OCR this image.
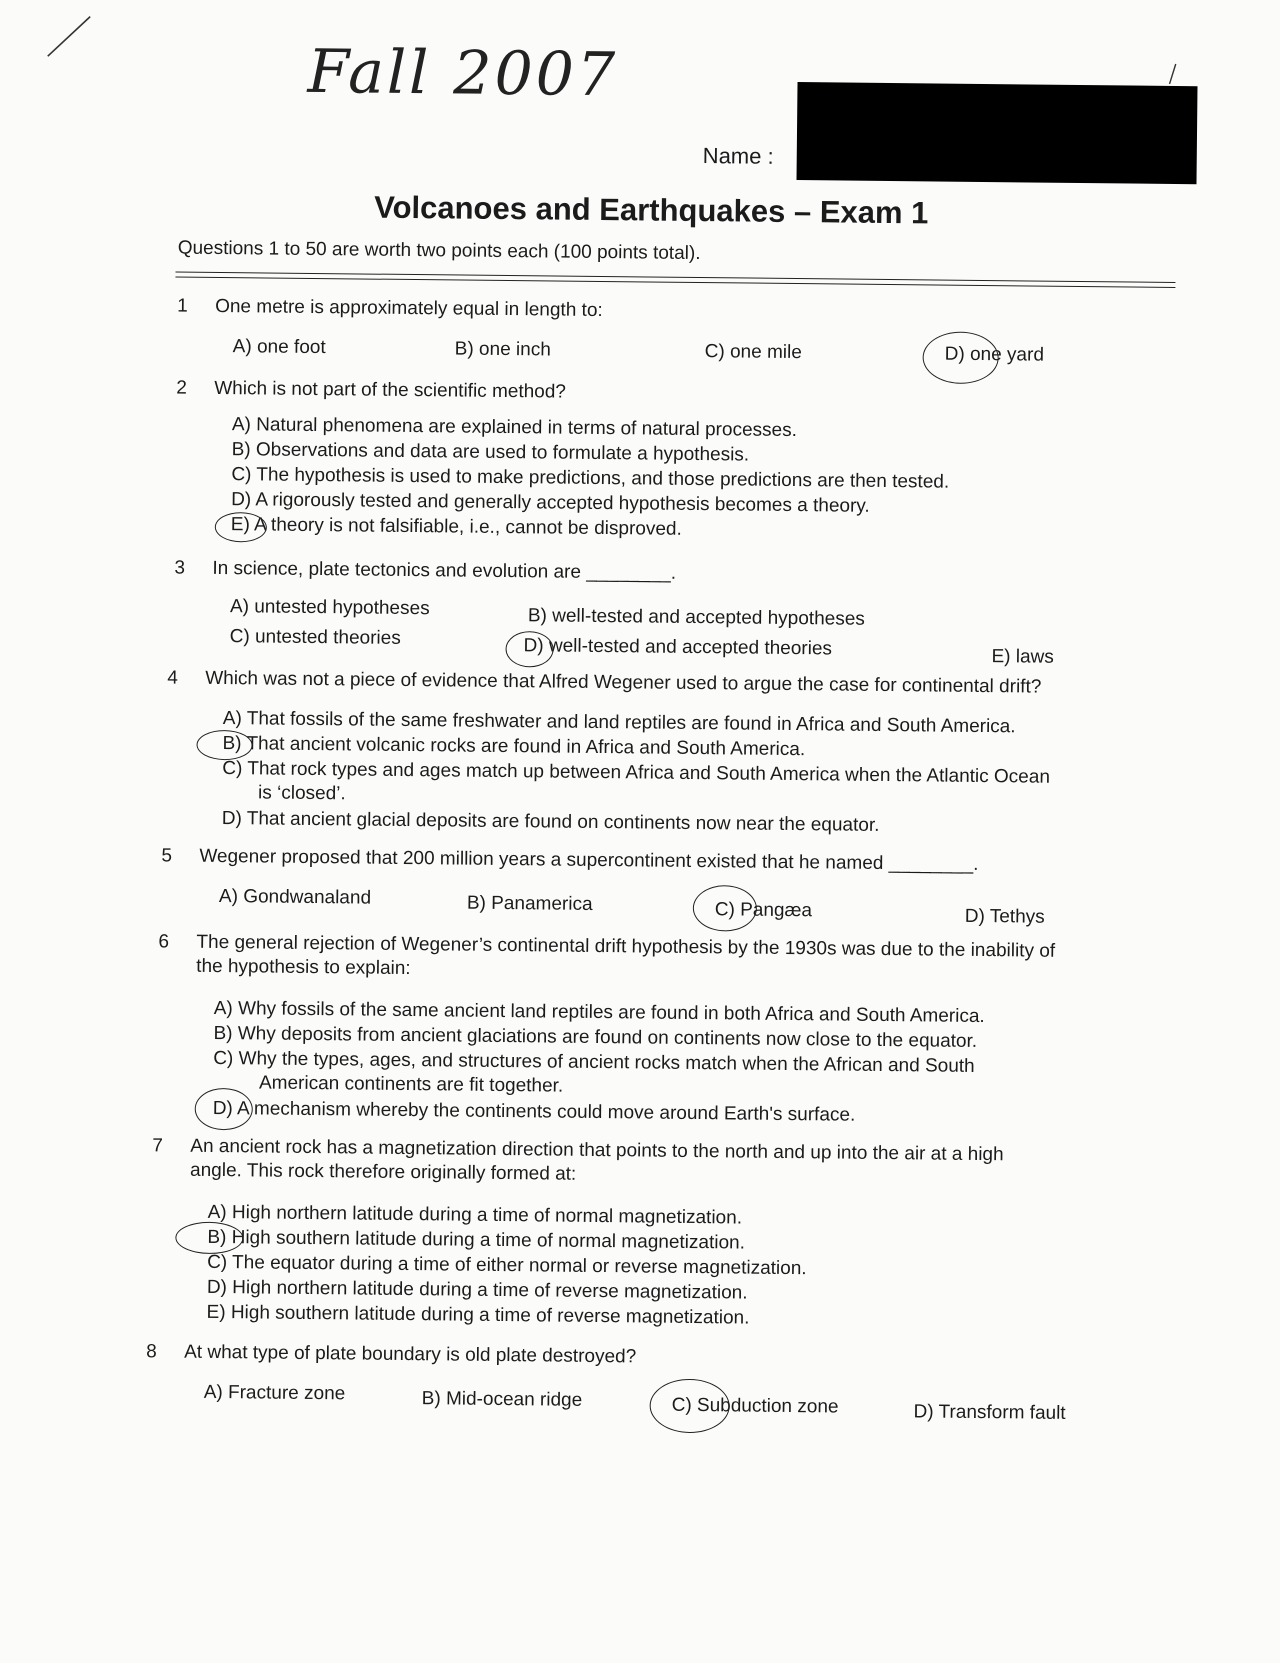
Fall 2007
Name :
Volcanoes and Earthquakes – Exam 1
Questions 1 to 50 are worth two points each (100 points total).
1 One metre is approximately equal in length to:
A) one foot	B) one inch	C) one mile	D) one yard
2 Which is not part of the scientific method?
A) Natural phenomena are explained in terms of natural processes.
B) Observations and data are used to formulate a hypothesis.
C) The hypothesis is used to make predictions, and those predictions are then tested.
D) A rigorously tested and generally accepted hypothesis becomes a theory.
E) A theory is not falsifiable, i.e., cannot be disproved.
3 In science, plate tectonics and evolution are ________.
A) untested hypotheses	B) well-tested and accepted hypotheses
C) untested theories	D) well-tested and accepted theories	E) laws
4 Which was not a piece of evidence that Alfred Wegener used to argue the case for continental drift?
A) That fossils of the same freshwater and land reptiles are found in Africa and South America.
B) That ancient volcanic rocks are found in Africa and South America.
C) That rock types and ages match up between Africa and South America when the Atlantic Ocean
is ‘closed’.
D) That ancient glacial deposits are found on continents now near the equator.
5 Wegener proposed that 200 million years a supercontinent existed that he named ________.
A) Gondwanaland	B) Panamerica	C) Pangæa	D) Tethys
6 The general rejection of Wegener’s continental drift hypothesis by the 1930s was due to the inability of
the hypothesis to explain:
A) Why fossils of the same ancient land reptiles are found in both Africa and South America.
B) Why deposits from ancient glaciations are found on continents now close to the equator.
C) Why the types, ages, and structures of ancient rocks match when the African and South
American continents are fit together.
D) A mechanism whereby the continents could move around Earth's surface.
7 An ancient rock has a magnetization direction that points to the north and up into the air at a high
angle. This rock therefore originally formed at:
A) High northern latitude during a time of normal magnetization.
B) High southern latitude during a time of normal magnetization.
C) The equator during a time of either normal or reverse magnetization.
D) High northern latitude during a time of reverse magnetization.
E) High southern latitude during a time of reverse magnetization.
8 At what type of plate boundary is old plate destroyed?
A) Fracture zone	B) Mid-ocean ridge	C) Subduction zone	D) Transform fault
